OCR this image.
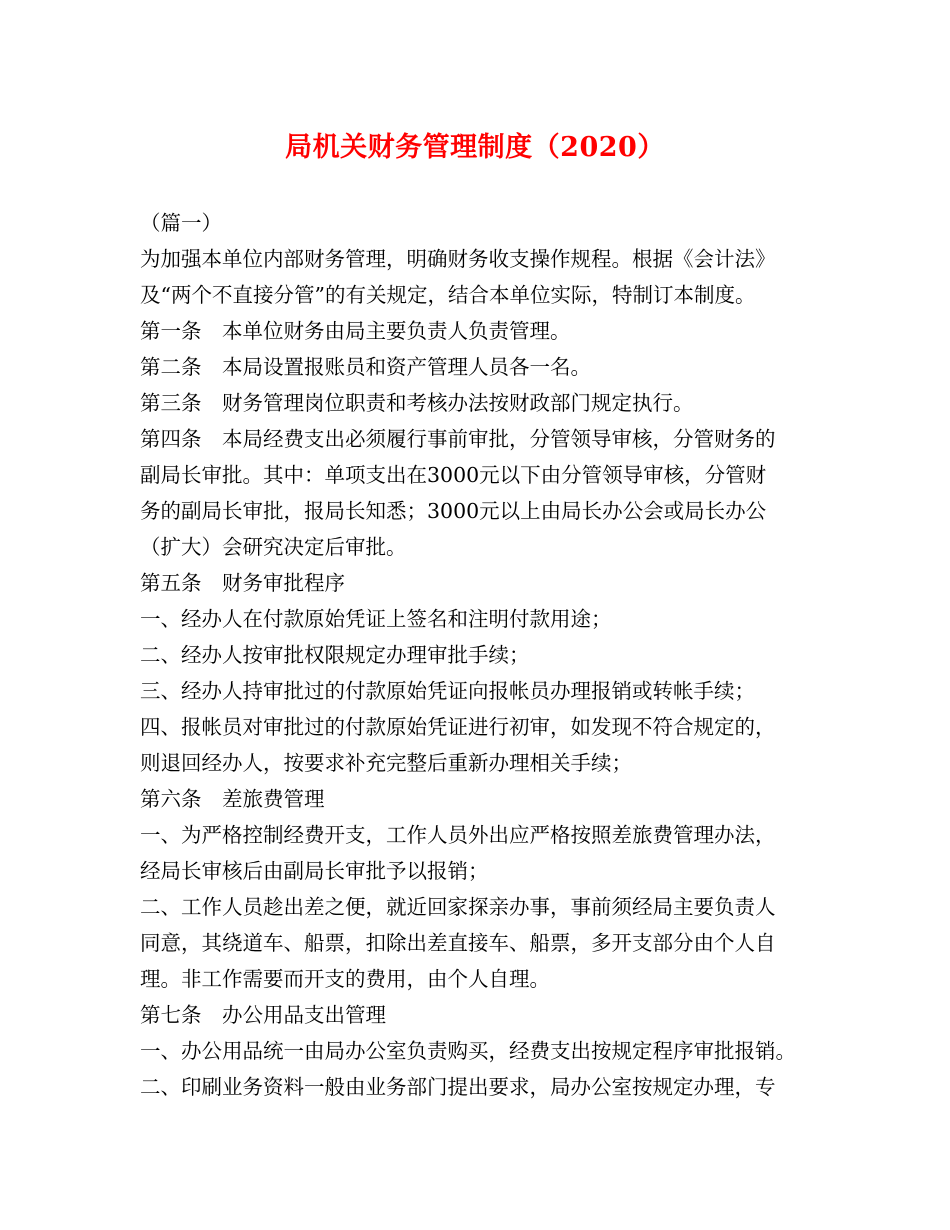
局机关财务管理制度（2020）
（篇一）
为加强本单位内部财务管理，明确财务收支操作规程。根据《会计法》
及“两个不直接分管”的有关规定，结合本单位实际，特制订本制度。
第一条　本单位财务由局主要负责人负责管理。
第二条　本局设置报账员和资产管理人员各一名。
第三条　财务管理岗位职责和考核办法按财政部门规定执行。
第四条　本局经费支出必须履行事前审批，分管领导审核，分管财务的
副局长审批。其中：单项支出在3000元以下由分管领导审核，分管财
务的副局长审批，报局长知悉；3000元以上由局长办公会或局长办公
（扩大）会研究决定后审批。
第五条　财务审批程序
一、经办人在付款原始凭证上签名和注明付款用途；
二、经办人按审批权限规定办理审批手续；
三、经办人持审批过的付款原始凭证向报帐员办理报销或转帐手续；
四、报帐员对审批过的付款原始凭证进行初审，如发现不符合规定的，
则退回经办人，按要求补充完整后重新办理相关手续；
第六条　差旅费管理
一、为严格控制经费开支，工作人员外出应严格按照差旅费管理办法，
经局长审核后由副局长审批予以报销；
二、工作人员趁出差之便，就近回家探亲办事，事前须经局主要负责人
同意，其绕道车、船票，扣除出差直接车、船票，多开支部分由个人自
理。非工作需要而开支的费用，由个人自理。
第七条　办公用品支出管理
一、办公用品统一由局办公室负责购买，经费支出按规定程序审批报销。
二、印刷业务资料一般由业务部门提出要求，局办公室按规定办理，专
